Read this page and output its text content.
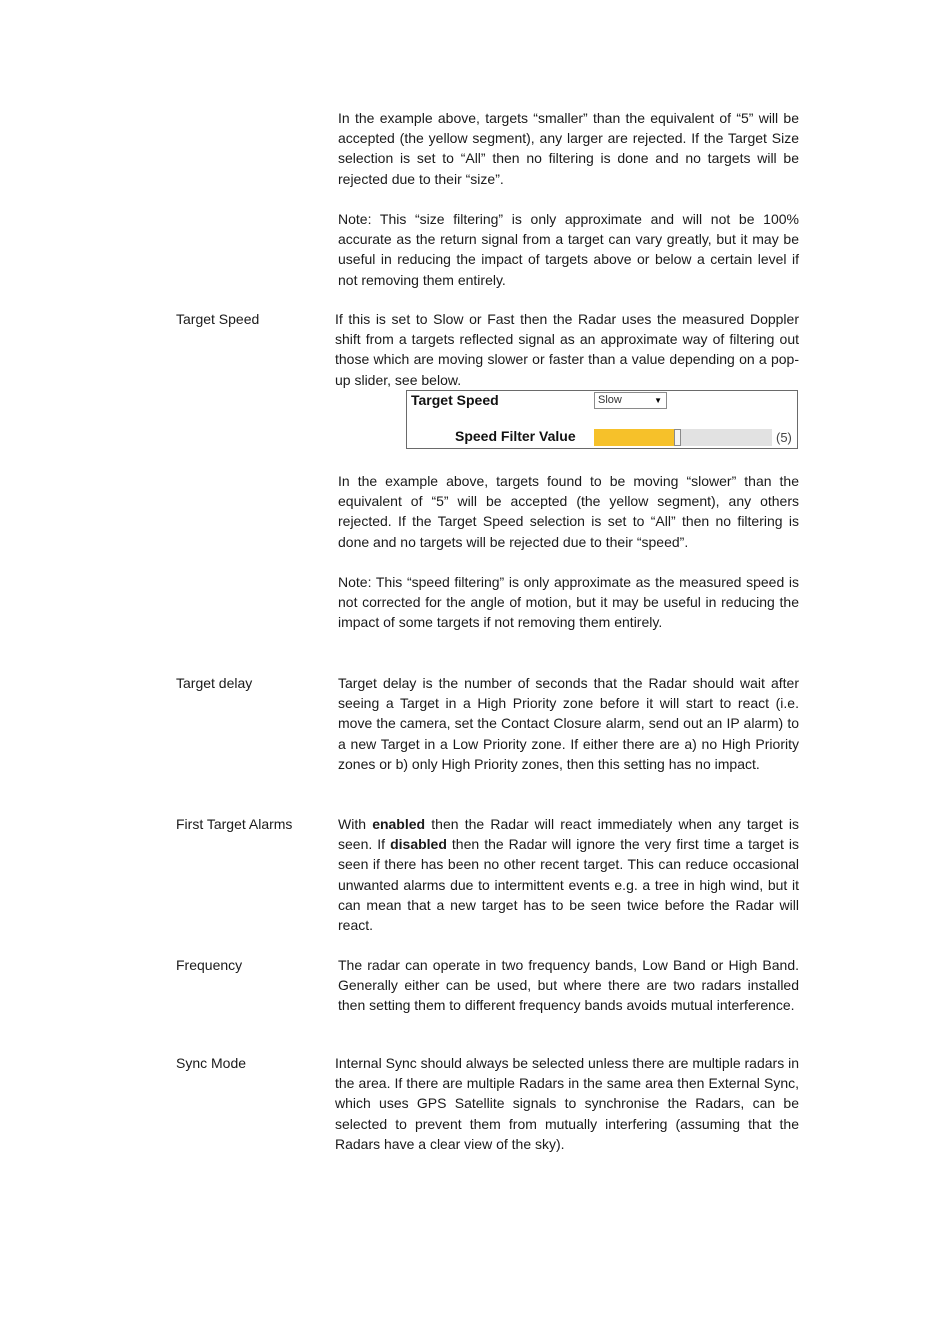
In the example above, targets “smaller” than the equivalent of “5” will be accepted (the yellow segment), any larger are rejected. If the Target Size selection is set to “All” then no filtering is done and no targets will be rejected due to their “size”.

Note: This “size filtering” is only approximate and will not be 100% accurate as the return signal from a target can vary greatly, but it may be useful in reducing the impact of targets above or below a certain level if not removing them entirely.

Target Speed	If this is set to Slow or Fast then the Radar uses the measured Doppler shift from a targets reflected signal as an approximate way of filtering out those which are moving slower or faster than a value depending on a pop-up slider, see below.

Target Speed	Slow	▼
Speed Filter Value	(5)

In the example above, targets found to be moving “slower” than the equivalent of “5” will be accepted (the yellow segment), any others rejected. If the Target Speed selection is set to “All” then no filtering is done and no targets will be rejected due to their “speed”.

Note: This “speed filtering” is only approximate as the measured speed is not corrected for the angle of motion, but it may be useful in reducing the impact of some targets if not removing them entirely.

Target delay	Target delay is the number of seconds that the Radar should wait after seeing a Target in a High Priority zone before it will start to react (i.e. move the camera, set the Contact Closure alarm, send out an IP alarm) to a new Target in a Low Priority zone. If either there are a) no High Priority zones or b) only High Priority zones, then this setting has no impact.

First Target Alarms	With enabled then the Radar will react immediately when any target is seen. If disabled then the Radar will ignore the very first time a target is seen if there has been no other recent target. This can reduce occasional unwanted alarms due to intermittent events e.g. a tree in high wind, but it can mean that a new target has to be seen twice before the Radar will react.

Frequency	The radar can operate in two frequency bands, Low Band or High Band. Generally either can be used, but where there are two radars installed then setting them to different frequency bands avoids mutual interference.

Sync Mode	Internal Sync should always be selected unless there are multiple radars in the area. If there are multiple Radars in the same area then External Sync, which uses GPS Satellite signals to synchronise the Radars, can be selected to prevent them from mutually interfering (assuming that the Radars have a clear view of the sky).
